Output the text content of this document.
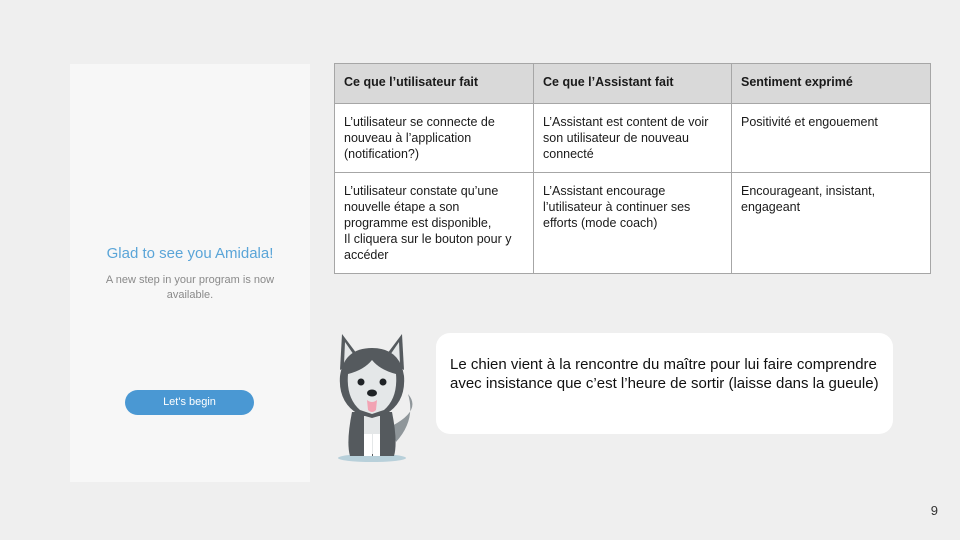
Glad to see you Amidala!
A new step in your program is now available.
Let's begin
Ce que l’utilisateur fait	Ce que l’Assistant fait	Sentiment exprimé
L’utilisateur se connecte de nouveau à l’application (notification?)	L’Assistant est content de voir son utilisateur de nouveau connecté	Positivité et engouement
L’utilisateur constate qu’une nouvelle étape a son programme est disponible,
Il cliquera sur le bouton pour y accéder	L’Assistant encourage l’utilisateur à continuer ses efforts (mode coach)	Encourageant, insistant, engageant
Le chien vient à la rencontre du maître pour lui faire comprendre avec insistance que c’est l’heure de sortir (laisse dans la gueule)
9
